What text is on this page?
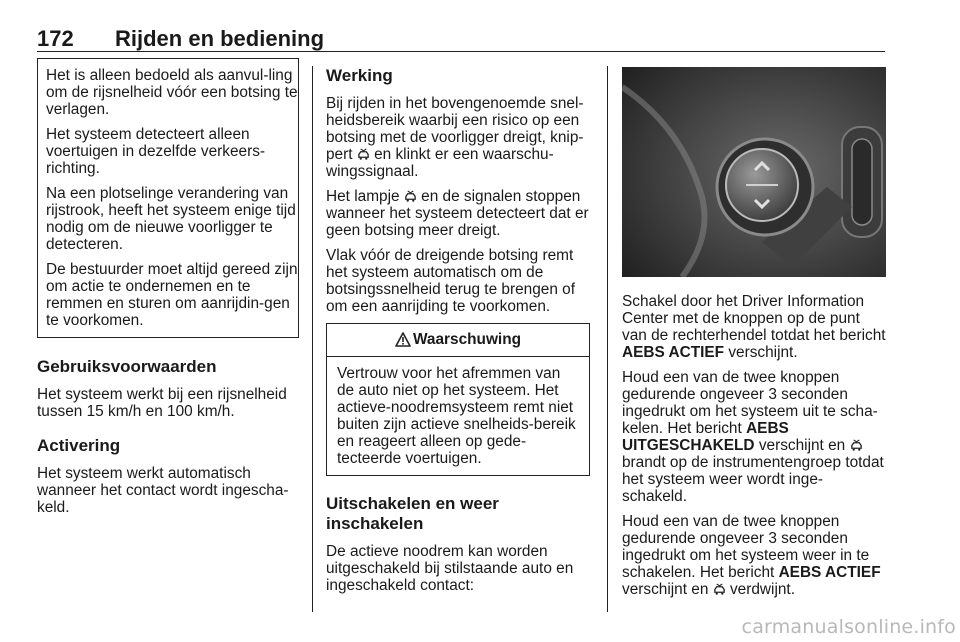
172 Rijden en bediening

Het is alleen bedoeld als aanvul-ling om de rijsnelheid vóór een botsing te verlagen.

Het systeem detecteert alleen voertuigen in dezelfde verkeers-richting.

Na een plotselinge verandering van rijstrook, heeft het systeem enige tijd nodig om de nieuwe voorligger te detecteren.

De bestuurder moet altijd gereed zijn om actie te ondernemen en te remmen en sturen om aanrijdin-gen te voorkomen.

Gebruiksvoorwaarden

Het systeem werkt bij een rijsnelheid tussen 15 km/h en 100 km/h.

Activering

Het systeem werkt automatisch wanneer het contact wordt ingescha-keld.

Werking

Bij rijden in het bovengenoemde snel-heidsbereik waarbij een risico op een botsing met de voorligger dreigt, knip-pert en klinkt er een waarschu-wingssignaal.

Het lampje en de signalen stoppen wanneer het systeem detecteert dat er geen botsing meer dreigt.

Vlak vóór de dreigende botsing remt het systeem automatisch om de botsingssnelheid terug te brengen of om een aanrijding te voorkomen.

Waarschuwing

Vertrouw voor het afremmen van de auto niet op het systeem. Het actieve-noodremsysteem remt niet buiten zijn actieve snelheids-bereik en reageert alleen op gede-tecteerde voertuigen.

Uitschakelen en weer inschakelen

De actieve noodrem kan worden uitgeschakeld bij stilstaande auto en ingeschakeld contact:

Schakel door het Driver Information Center met de knoppen op de punt van de rechterhendel totdat het bericht AEBS ACTIEF verschijnt.

Houd een van de twee knoppen gedurende ongeveer 3 seconden ingedrukt om het systeem uit te scha-kelen. Het bericht AEBS UITGESCHAKELD verschijnt en  brandt op de instrumentengroep totdat het systeem weer wordt inge-schakeld.

Houd een van de twee knoppen gedurende ongeveer 3 seconden ingedrukt om het systeem weer in te schakelen. Het bericht AEBS ACTIEF verschijnt en verdwijnt.

carmanualsonline.info
